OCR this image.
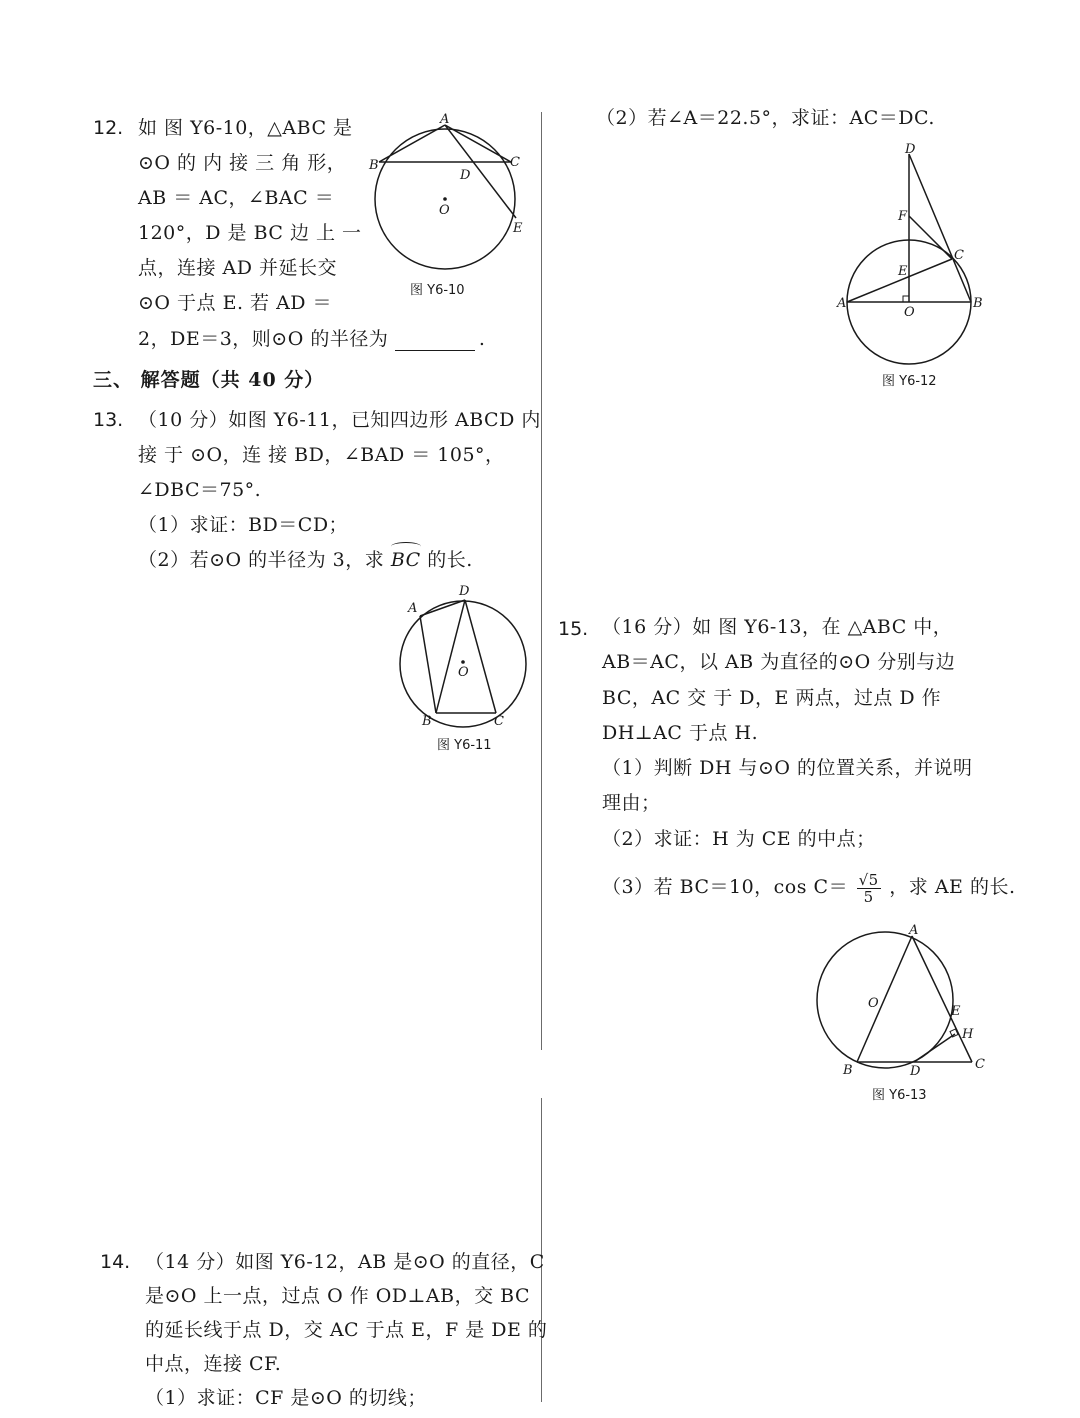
12. 如 图 Y6-10，△ABC 是
⊙O 的 内 接 三 角 形，
AB ＝ AC，∠BAC ＝
120°，D 是 BC 边 上 一
点，连接 AD 并延长交
⊙O 于点 E. 若 AD ＝
2，DE＝3，则⊙O 的半径为	.
A
B	C
D
E
O
图 Y6-10
三、 解答题（共 40 分）
13. （10 分）如图 Y6-11，已知四边形 ABCD 内
接 于 ⊙O，连 接 BD，∠BAD ＝ 105°，
∠DBC＝75°.
（1）求证：BD＝CD；
（2）若⊙O 的半径为 3，求 BC 的长.
A
D
B	C
O
图 Y6-11
14. （14 分）如图 Y6-12，AB 是⊙O 的直径，C
是⊙O 上一点，过点 O 作 OD⊥AB，交 BC
的延长线于点 D，交 AC 于点 E，F 是 DE 的
中点，连接 CF.
（1）求证：CF 是⊙O 的切线；
（2）若∠A＝22.5°，求证：AC＝DC.
D
F
C
E
A	B
O
图 Y6-12
15. （16 分）如 图 Y6-13，在 △ABC 中，
AB＝AC，以 AB 为直径的⊙O 分别与边
BC，AC 交 于 D，E 两点，过点 D 作
DH⊥AC 于点 H.
（1）判断 DH 与⊙O 的位置关系，并说明
理由；
（2）求证：H 为 CE 的中点；
（3）若 BC＝10，$\cos C= \frac{√5}{5}$ ，求 AE 的长.
A
O
E
H
C
B	D
图 Y6-13
